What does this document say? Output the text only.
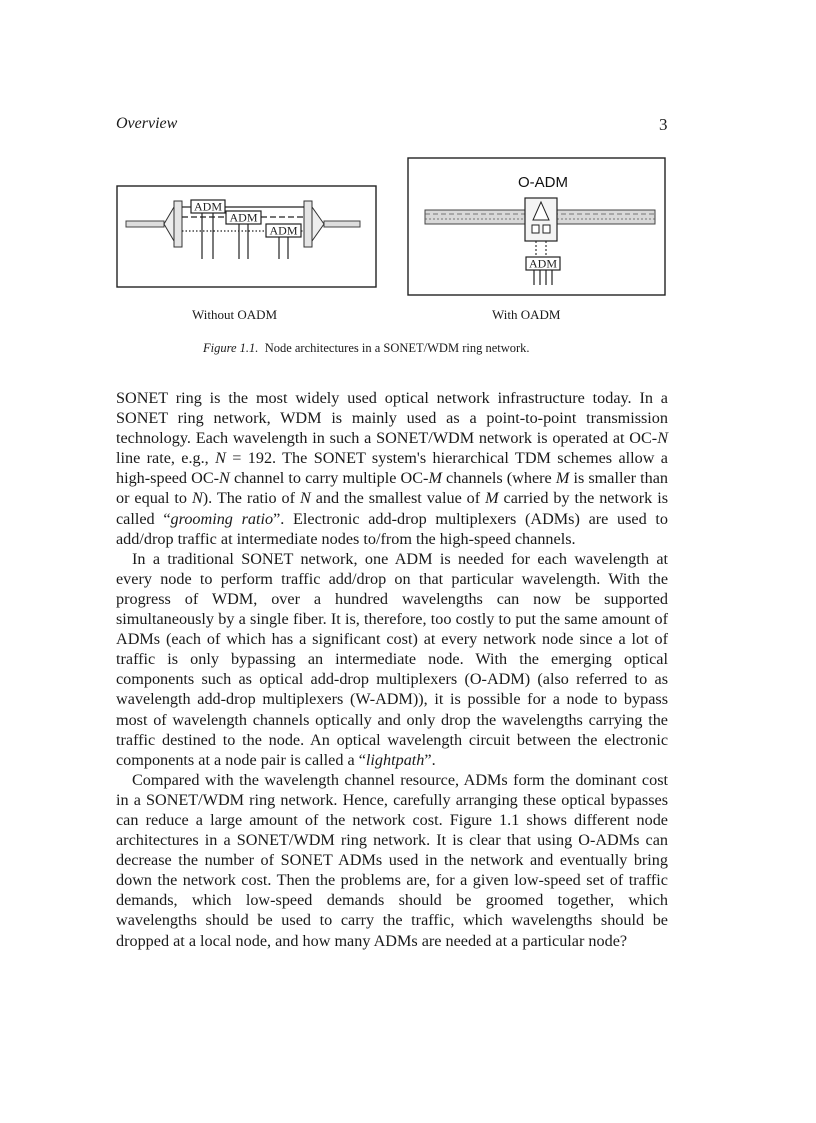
Overview	3
ADM
ADM
ADM
O-ADM
ADM
Without OADM	With OADM
Figure 1.1. Node architectures in a SONET/WDM ring network.

SONET ring is the most widely used optical network infrastructure today. In a SONET ring network, WDM is mainly used as a point-to-point transmission technology. Each wavelength in such a SONET/WDM network is operated at OC-N line rate, e.g., N = 192. The SONET system's hierarchical TDM schemes allow a high-speed OC-N channel to carry multiple OC-M channels (where M is smaller than or equal to N). The ratio of N and the smallest value of M carried by the network is called “grooming ratio”. Electronic add-drop multiplexers (ADMs) are used to add/drop traffic at intermediate nodes to/from the high-speed channels.

In a traditional SONET network, one ADM is needed for each wavelength at every node to perform traffic add/drop on that particular wavelength. With the progress of WDM, over a hundred wavelengths can now be supported simultaneously by a single fiber. It is, therefore, too costly to put the same amount of ADMs (each of which has a significant cost) at every network node since a lot of traffic is only bypassing an intermediate node. With the emerging optical components such as optical add-drop multiplexers (O-ADM) (also referred to as wavelength add-drop multiplexers (W-ADM)), it is possible for a node to bypass most of wavelength channels optically and only drop the wavelengths carrying the traffic destined to the node. An optical wavelength circuit between the electronic components at a node pair is called a “lightpath”.

Compared with the wavelength channel resource, ADMs form the dominant cost in a SONET/WDM ring network. Hence, carefully arranging these optical bypasses can reduce a large amount of the network cost. Figure 1.1 shows different node architectures in a SONET/WDM ring network. It is clear that using O-ADMs can decrease the number of SONET ADMs used in the network and eventually bring down the network cost. Then the problems are, for a given low-speed set of traffic demands, which low-speed demands should be groomed together, which wavelengths should be used to carry the traffic, which wavelengths should be dropped at a local node, and how many ADMs are needed at a particular node?
